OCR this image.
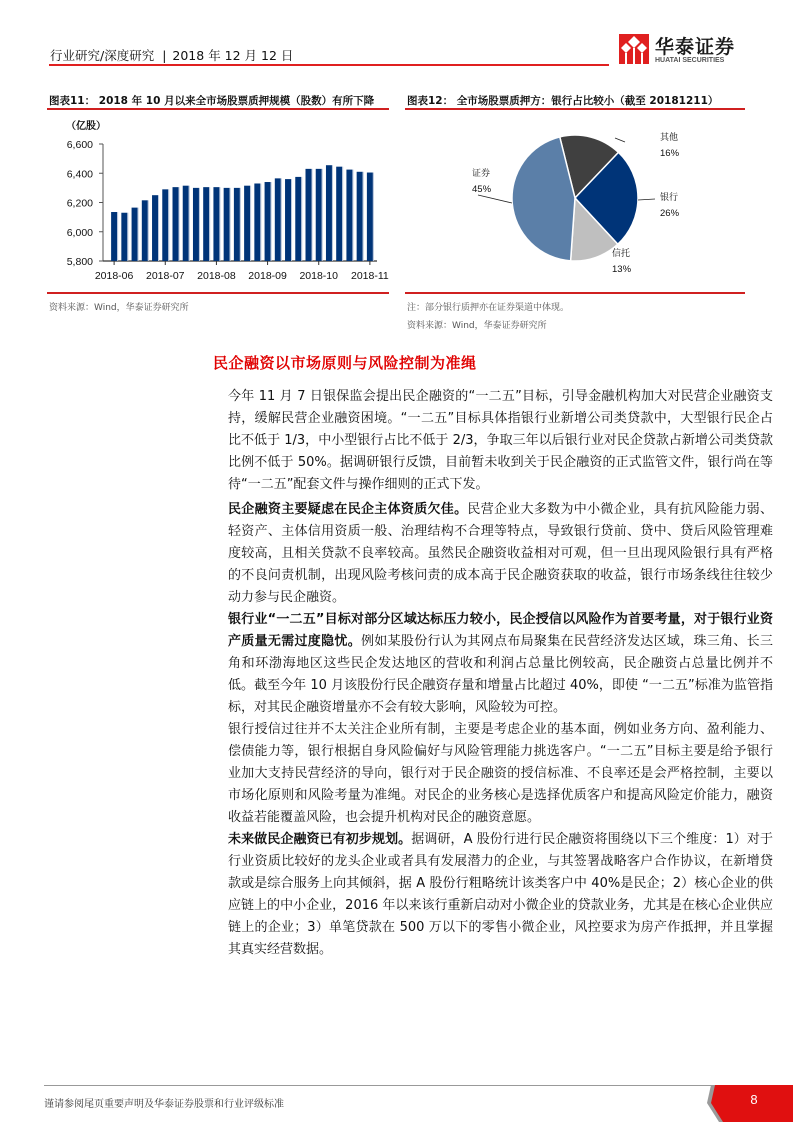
行业研究/深度研究 | 2018 年 12 月 12 日	华泰证券
HUATAI SECURITIES
图表11： 2018 年 10 月以来全市场股票质押规模（股数）有所下降
（亿股）
5,800
6,000
6,200
6,400
6,600
2018-06 2018-07 2018-08 2018-09 2018-10 2018-11
资料来源：Wind，华泰证券研究所
图表12： 全市场股票质押方：银行占比较小（截至 20181211）
其他
16%
银行
26%
信托
13%
证券
45%
注：部分银行质押亦在证券渠道中体现。
资料来源：Wind，华泰证券研究所
民企融资以市场原则与风险控制为准绳
今年 11 月 7 日银保监会提出民企融资的“一二五”目标，引导金融机构加大对民营企业融资支持，缓解民营企业融资困境。“一二五”目标具体指银行业新增公司类贷款中，大型银行民企占比不低于 1/3，中小型银行占比不低于 2/3，争取三年以后银行业对民企贷款占新增公司类贷款比例不低于 50%。据调研银行反馈，目前暂未收到关于民企融资的正式监管文件，银行尚在等待“一二五”配套文件与操作细则的正式下发。
民企融资主要疑虑在民企主体资质欠佳。民营企业大多数为中小微企业，具有抗风险能力弱、轻资产、主体信用资质一般、治理结构不合理等特点，导致银行贷前、贷中、贷后风险管理难度较高，且相关贷款不良率较高。虽然民企融资收益相对可观，但一旦出现风险银行具有严格的不良问责机制，出现风险考核问责的成本高于民企融资获取的收益，银行市场条线往往较少动力参与民企融资。
银行业“一二五”目标对部分区域达标压力较小，民企授信以风险作为首要考量，对于银行业资产质量无需过度隐忧。例如某股份行认为其网点布局聚集在民营经济发达区域，珠三角、长三角和环渤海地区这些民企发达地区的营收和利润占总量比例较高，民企融资占总量比例并不低。截至今年 10 月该股份行民企融资存量和增量占比超过 40%，即使 “一二五”标准为监管指标，对其民企融资增量亦不会有较大影响，风险较为可控。
银行授信过往并不太关注企业所有制，主要是考虑企业的基本面，例如业务方向、盈利能力、偿债能力等，银行根据自身风险偏好与风险管理能力挑选客户。“一二五”目标主要是给予银行业加大支持民营经济的导向，银行对于民企融资的授信标准、不良率还是会严格控制，主要以市场化原则和风险考量为准绳。对民企的业务核心是选择优质客户和提高风险定价能力，融资收益若能覆盖风险，也会提升机构对民企的融资意愿。
未来做民企融资已有初步规划。据调研，A 股份行进行民企融资将围绕以下三个维度：1）对于行业资质比较好的龙头企业或者具有发展潜力的企业，与其签署战略客户合作协议，在新增贷款或是综合服务上向其倾斜，据 A 股份行粗略统计该类客户中 40%是民企；2）核心企业的供应链上的中小企业，2016 年以来该行重新启动对小微企业的贷款业务，尤其是在核心企业供应链上的企业；3）单笔贷款在 500 万以下的零售小微企业，风控要求为房产作抵押，并且掌握其真实经营数据。
谨请参阅尾页重要声明及华泰证券股票和行业评级标准	8
